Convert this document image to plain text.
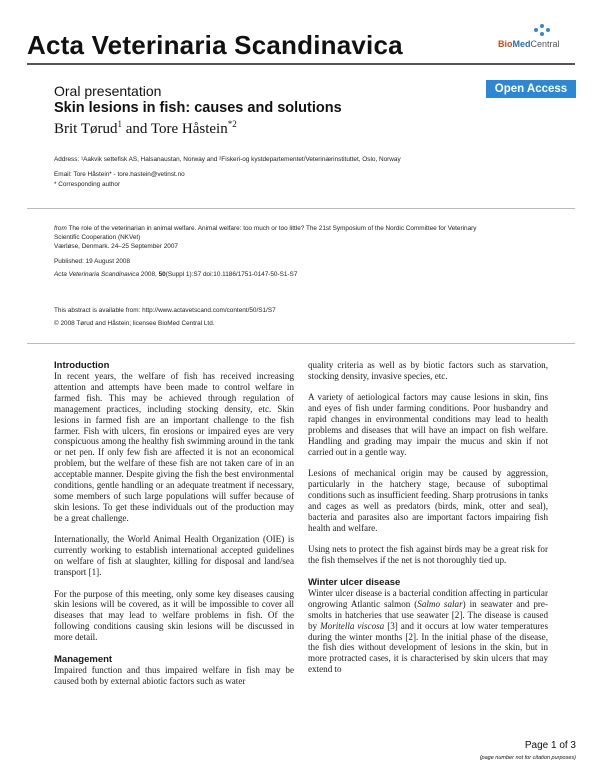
Acta Veterinaria Scandinavica	BioMedCentral
Oral presentation	Open Access
Skin lesions in fish: causes and solutions
Brit Tørud$^1$ and Tore Håstein$^{*2}$
Address: ¹Aakvik settefisk AS, Halsanaustan, Norway and ²Fiskeri-og kystdepartementet/Veterinærinstituttet, Oslo, Norway
Email: Tore Håstein* - tore.hastein@vetinst.no
* Corresponding author
from The role of the veterinarian in animal welfare. Animal welfare: too much or too little? The 21st Symposium of the Nordic Committee for Veterinary
Scientific Cooperation (NKVet)
Værløse, Denmark. 24–25 September 2007
Published: 19 August 2008
Acta Veterinaria Scandinavica 2008, 50(Suppl 1):S7 doi:10.1186/1751-0147-50-S1-S7
This abstract is available from: http://www.actavetscand.com/content/50/S1/S7
© 2008 Tørud and Håstein; licensee BioMed Central Ltd.
Introduction

In recent years, the welfare of fish has received increasing attention and attempts have been made to control welfare in farmed fish. This may be achieved through regulation of management practices, including stocking density, etc. Skin lesions in farmed fish are an important challenge to the fish farmer. Fish with ulcers, fin erosions or impaired eyes are very conspicuous among the healthy fish swimming around in the tank or net pen. If only few fish are affected it is not an economical problem, but the welfare of these fish are not taken care of in an acceptable manner. Despite giving the fish the best environmental conditions, gentle handling or an adequate treatment if necessary, some members of such large populations will suffer because of skin lesions. To get these individuals out of the production may be a great challenge.

Internationally, the World Animal Health Organization (OIE) is currently working to establish international accepted guidelines on welfare of fish at slaughter, killing for disposal and land/sea transport [1].

For the purpose of this meeting, only some key diseases causing skin lesions will be covered, as it will be impossible to cover all diseases that may lead to welfare problems in fish. Of the following conditions causing skin lesions will be discussed in more detail.

Management

Impaired function and thus impaired welfare in fish may be caused both by external abiotic factors such as water

quality criteria as well as by biotic factors such as starvation, stocking density, invasive species, etc.

A variety of aetiological factors may cause lesions in skin, fins and eyes of fish under farming conditions. Poor husbandry and rapid changes in environmental conditions may lead to health problems and diseases that will have an impact on fish welfare. Handling and grading may impair the mucus and skin if not carried out in a gentle way.

Lesions of mechanical origin may be caused by aggression, particularly in the hatchery stage, because of suboptimal conditions such as insufficient feeding. Sharp protrusions in tanks and cages as well as predators (birds, mink, otter and seal), bacteria and parasites also are important factors impairing fish health and welfare.

Using nets to protect the fish against birds may be a great risk for the fish themselves if the net is not thoroughly tied up.

Winter ulcer disease

Winter ulcer disease is a bacterial condition affecting in particular ongrowing Atlantic salmon (Salmo salar) in seawater and pre-smolts in hatcheries that use seawater [2]. The disease is caused by Moritella viscosa [3] and it occurs at low water temperatures during the winter months [2]. In the initial phase of the disease, the fish dies without development of lesions in the skin, but in more protracted cases, it is characterised by skin ulcers that may extend to

Page 1 of 3
(page number not for citation purposes)
